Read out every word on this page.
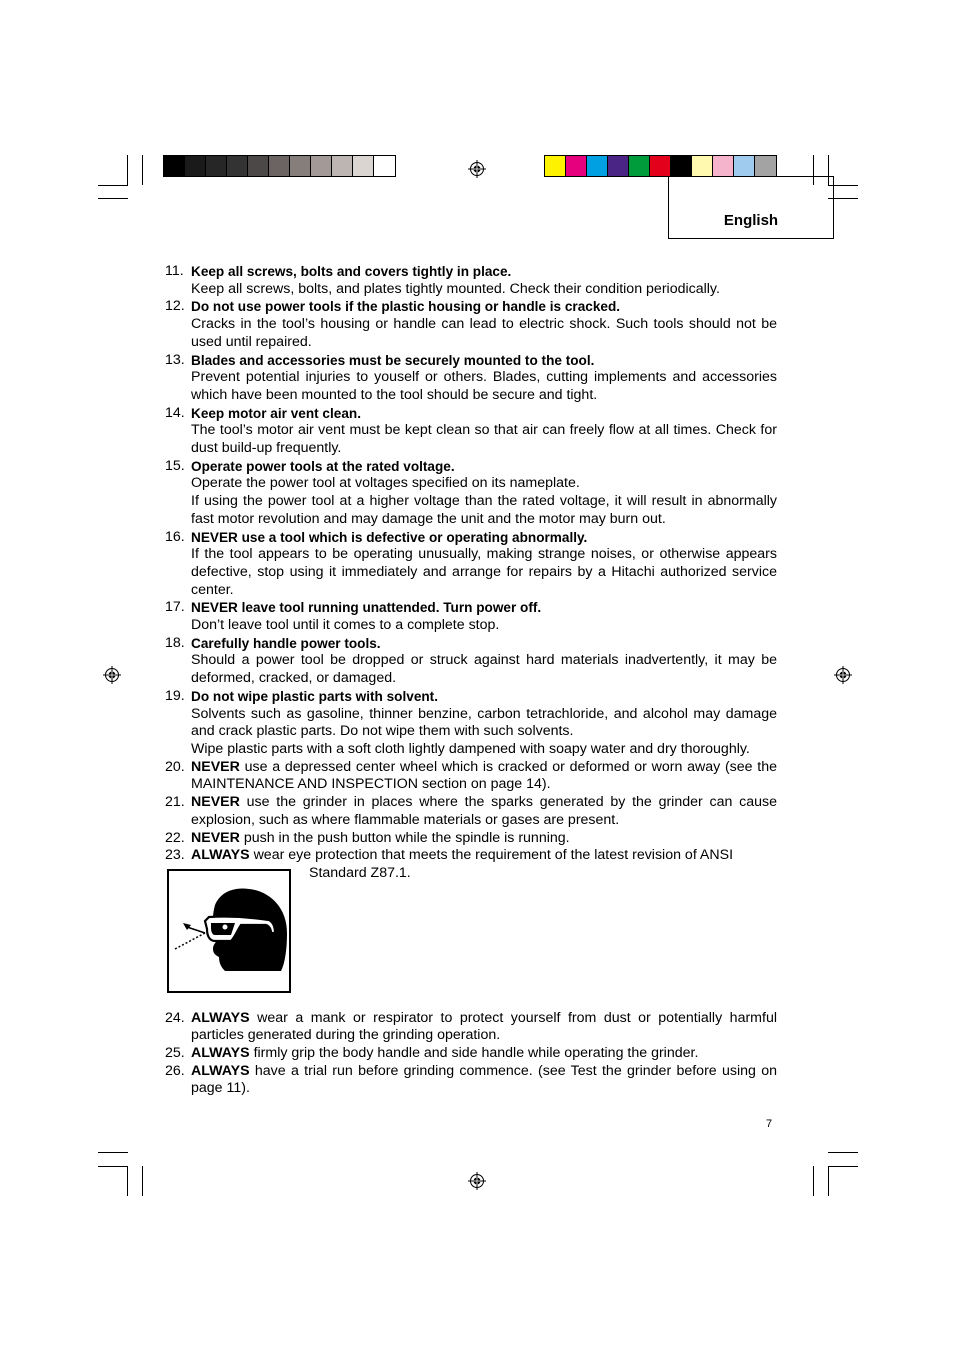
English
11. Keep all screws, bolts and covers tightly in place.
Keep all screws, bolts, and plates tightly mounted. Check their condition periodically.
12. Do not use power tools if the plastic housing or handle is cracked.
Cracks in the tool’s housing or handle can lead to electric shock. Such tools should not be used until repaired.
13. Blades and accessories must be securely mounted to the tool.
Prevent potential injuries to youself or others. Blades, cutting implements and accessories which have been mounted to the tool should be secure and tight.
14. Keep motor air vent clean.
The tool’s motor air vent must be kept clean so that air can freely flow at all times. Check for dust build-up frequently.
15. Operate power tools at the rated voltage.
Operate the power tool at voltages specified on its nameplate.
If using the power tool at a higher voltage than the rated voltage, it will result in abnormally fast motor revolution and may damage the unit and the motor may burn out.
16. NEVER use a tool which is defective or operating abnormally.
If the tool appears to be operating unusually, making strange noises, or otherwise appears defective, stop using it immediately and arrange for repairs by a Hitachi authorized service center.
17. NEVER leave tool running unattended. Turn power off.
Don’t leave tool until it comes to a complete stop.
18. Carefully handle power tools.
Should a power tool be dropped or struck against hard materials inadvertently, it may be deformed, cracked, or damaged.
19. Do not wipe plastic parts with solvent.
Solvents such as gasoline, thinner benzine, carbon tetrachloride, and alcohol may damage and crack plastic parts. Do not wipe them with such solvents.
Wipe plastic parts with a soft cloth lightly dampened with soapy water and dry thoroughly.
20. NEVER use a depressed center wheel which is cracked or deformed or worn away (see the MAINTENANCE AND INSPECTION section on page 14).
21. NEVER use the grinder in places where the sparks generated by the grinder can cause explosion, such as where flammable materials or gases are present.
22. NEVER push in the push button while the spindle is running.
23. ALWAYS wear eye protection that meets the requirement of the latest revision of ANSI
Standard Z87.1.
24. ALWAYS wear a mank or respirator to protect yourself from dust or potentially harmful particles generated during the grinding operation.
25. ALWAYS firmly grip the body handle and side handle while operating the grinder.
26. ALWAYS have a trial run before grinding commence. (see Test the grinder before using on page 11).
7
